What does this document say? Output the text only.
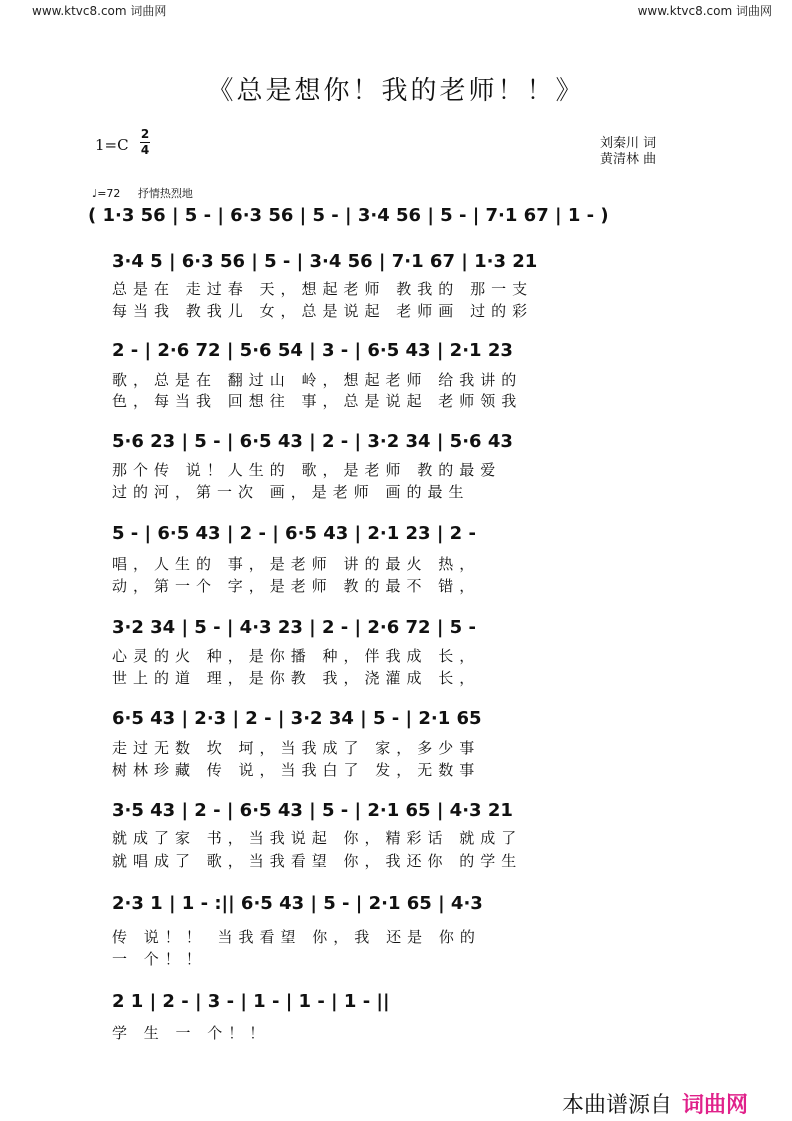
www.ktvc8.com 词曲网	www.ktvc8.com 词曲网
《总是想你！我的老师！！》
1=C
2
4	刘秦川 词
黄清林 曲
♩=72 抒情热烈地
( 1·3 56 | 5 - | 6·3 56 | 5 - | 3·4 56 | 5 - | 7·1 67 | 1 - )
3·4 5 | 6·3 56 | 5 - | 3·4 56 | 7·1 67 | 1·3 21
总是在 走过春 天，想起老师 教我的 那一支
每当我 教我儿 女，总是说起 老师画 过的彩
2 - | 2·6 72 | 5·6 54 | 3 - | 6·5 43 | 2·1 23
歌，总是在 翻过山 岭，想起老师 给我讲的
色，每当我 回想往 事，总是说起 老师领我
5·6 23 | 5 - | 6·5 43 | 2 - | 3·2 34 | 5·6 43
那个传 说！人生的 歌，是老师 教的最爱
过的河，第一次 画，是老师 画的最生
5 - | 6·5 43 | 2 - | 6·5 43 | 2·1 23 | 2 -
唱，人生的 事，是老师 讲的最火 热，
动，第一个 字，是老师 教的最不 错，
3·2 34 | 5 - | 4·3 23 | 2 - | 2·6 72 | 5 -
心灵的火 种，是你播 种，伴我成 长，
世上的道 理，是你教 我，浇灌成 长，
6·5 43 | 2·3 | 2 - | 3·2 34 | 5 - | 2·1 65
走过无数 坎 坷，当我成了 家，多少事
树林珍藏 传 说，当我白了 发，无数事
3·5 43 | 2 - | 6·5 43 | 5 - | 2·1 65 | 4·3 21
就成了家 书，当我说起 你，精彩话 就成了
就唱成了 歌，当我看望 你，我还你 的学生
2·3 1 | 1 - :|| 6·5 43 | 5 - | 2·1 65 | 4·3
传 说！！ 当我看望 你，我 还是 你的
一 个！！
2 1 | 2 - | 3 - | 1 - | 1 - | 1 - ||
学 生 一 个！！
本曲谱源自 词曲网
